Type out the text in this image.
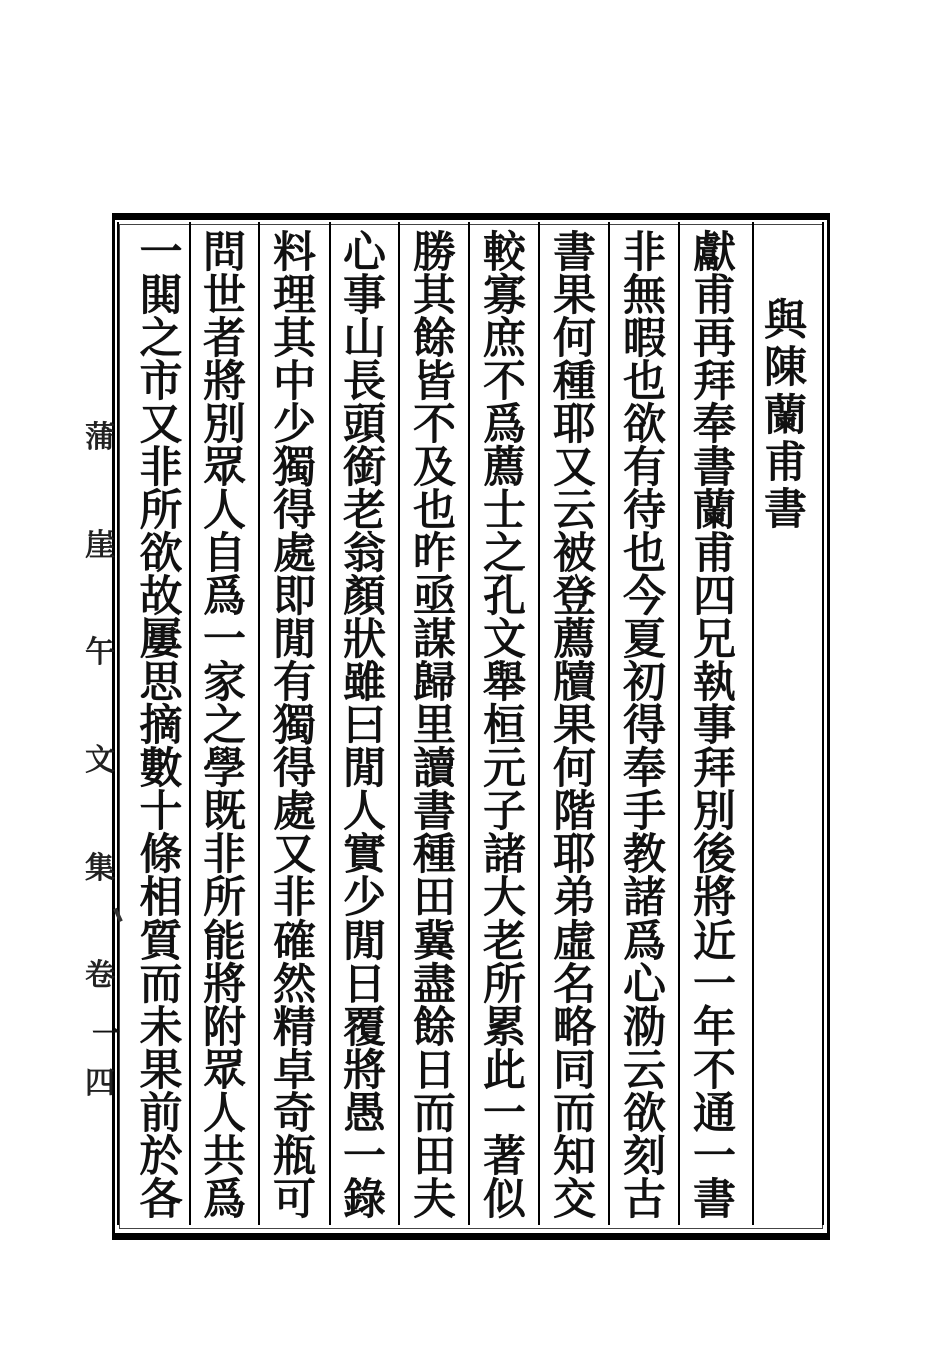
與
陳
蘭
甫
書
獻
甫
再
拜
奉
書
蘭
甫
四
兄
執
事
拜
別
後
將
近
一
年
不
通
一
書
非
無
暇
也
欲
有
待
也
今
夏
初
得
奉
手
教
諸
爲
心
泐
云
欲
刻
古
書
果
何
種
耶
又
云
被
登
薦
牘
果
何
階
耶
弟
虛
名
略
同
而
知
交
較
寡
庶
不
爲
薦
士
之
孔
文
舉
桓
元
子
諸
大
老
所
累
此
一
著
似
勝
其
餘
皆
不
及
也
昨
亟
謀
歸
里
讀
書
種
田
冀
盡
餘
日
而
田
夫
心
事
山
長
頭
銜
老
翁
顏
狀
雖
曰
閒
人
實
少
閒
日
覆
將
愚
一
錄
料
理
其
中
少
獨
得
處
即
閒
有
獨
得
處
又
非
確
然
精
卓
奇
瓶
可
問
世
者
將
別
眾
人
自
爲
一
家
之
學
既
非
所
能
將
附
眾
人
共
爲
一
閧
之
市
又
非
所
欲
故
屢
思
摘
數
十
條
相
質
而
未
果
前
於
各
蒲
崖
午
文
集
卷
四
一
